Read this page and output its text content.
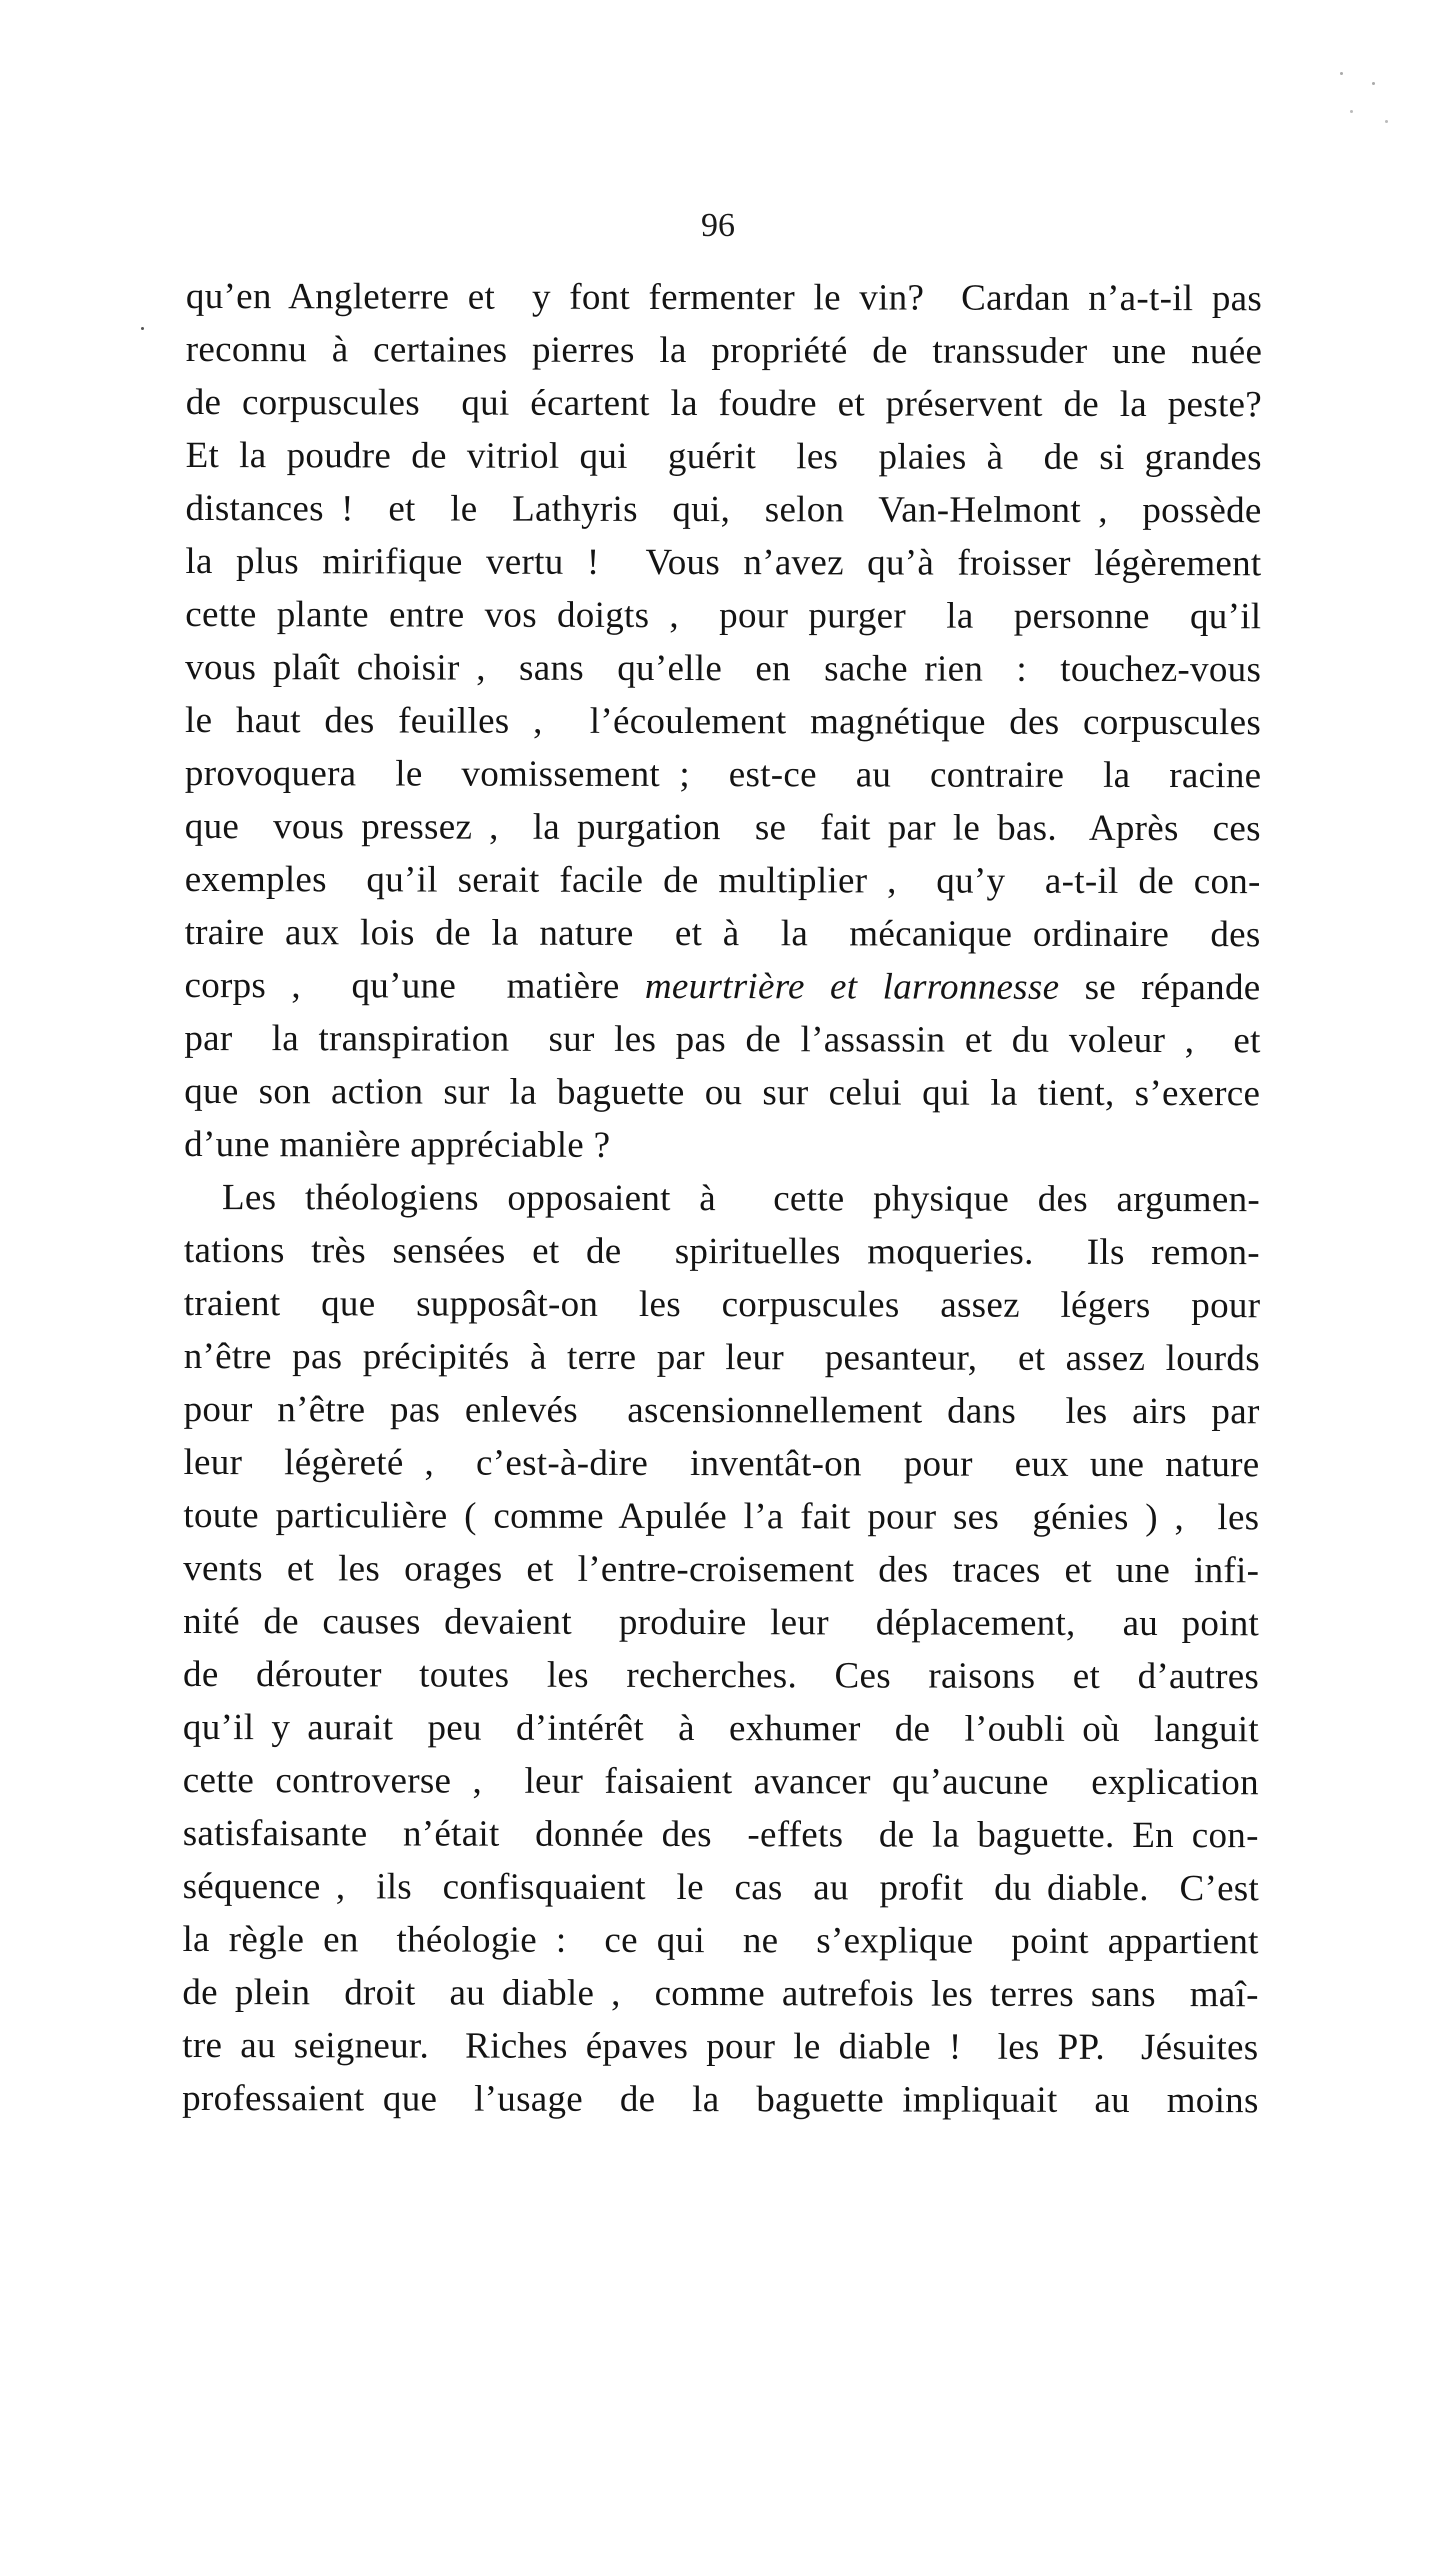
96
qu’en Angleterre et  y font fermenter le vin?  Cardan n’a-t-il pas
reconnu à certaines pierres la propriété de transsuder une nuée
de corpuscules  qui écartent la foudre et préservent de la peste?
Et la poudre de vitriol qui  guérit  les  plaies à  de si grandes
distances !  et  le  Lathyris  qui,  selon  Van-Helmont ,  possède
la plus mirifique vertu !  Vous n’avez qu’à froisser légèrement
cette plante entre vos doigts ,  pour purger  la  personne  qu’il
vous plaît choisir ,  sans  qu’elle  en  sache rien  :  touchez-vous
le haut des feuilles ,  l’écoulement magnétique des corpuscules
provoquera  le  vomissement ;  est-ce  au  contraire  la  racine
que  vous pressez ,  la purgation  se  fait par le bas.  Après  ces
exemples  qu’il serait facile de multiplier ,  qu’y  a-t-il de con-
traire aux lois de la nature  et à  la  mécanique ordinaire  des
corps ,  qu’une  matière meurtrière et larronnesse se répande
par  la transpiration  sur les pas de l’assassin et du voleur ,  et
que son action sur la baguette ou sur celui qui la tient, s’exerce
d’une manière appréciable ?
Les théologiens opposaient à  cette physique des argumen-
tations très sensées et de  spirituelles moqueries.  Ils remon-
traient  que  supposât-on  les  corpuscules  assez  légers  pour
n’être pas précipités à terre par leur  pesanteur,  et assez lourds
pour n’être pas enlevés  ascensionnellement dans  les airs par
leur  légèreté ,  c’est-à-dire  inventât-on  pour  eux une nature
toute particulière ( comme Apulée l’a fait pour ses  génies ) ,  les
vents et les orages et l’entre-croisement des traces et une infi-
nité de causes devaient  produire leur  déplacement,  au point
de  dérouter  toutes  les  recherches.  Ces  raisons  et  d’autres
qu’il y aurait  peu  d’intérêt  à  exhumer  de  l’oubli où  languit
cette controverse ,  leur faisaient avancer qu’aucune  explication
satisfaisante  n’était  donnée des  -effets  de la baguette. En con-
séquence ,  ils  confisquaient  le  cas  au  profit  du diable.  C’est
la règle en  théologie :  ce qui  ne  s’explique  point appartient
de plein  droit  au diable ,  comme autrefois les terres sans  maî-
tre au seigneur.  Riches épaves pour le diable !  les PP.  Jésuites
professaient que  l’usage  de  la  baguette impliquait  au  moins
